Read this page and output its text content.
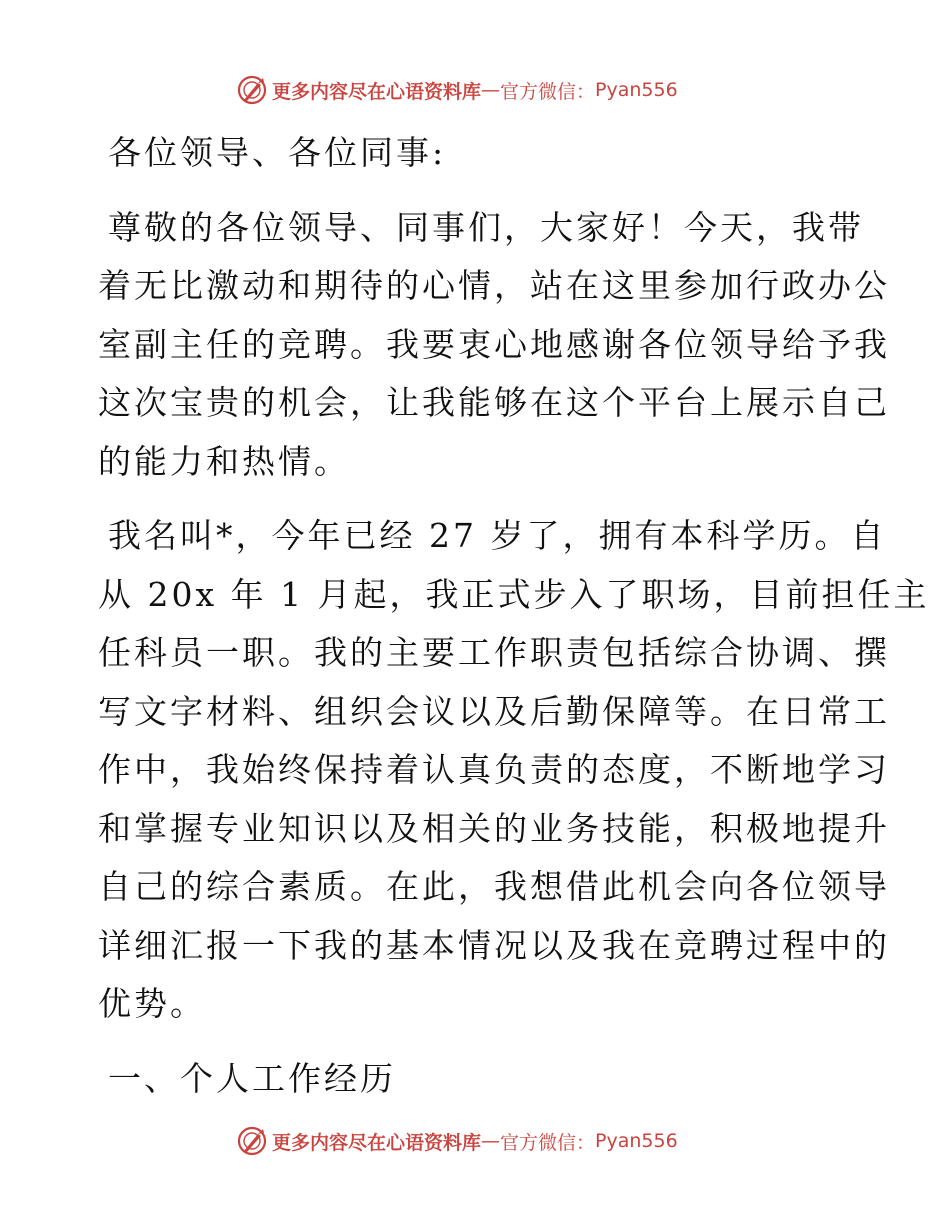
更多内容尽在心语资料库 — 官方微信： Pyan556
各位领导、各位同事:
尊敬的各位领导、同事们，大家好！今天，我带
着无比激动和期待的心情，站在这里参加行政办公
室副主任的竞聘。我要衷心地感谢各位领导给予我
这次宝贵的机会，让我能够在这个平台上展示自己
的能力和热情。
我名叫*，今年已经 27 岁了，拥有本科学历。自
从 20x 年 1 月起，我正式步入了职场，目前担任主
任科员一职。我的主要工作职责包括综合协调、撰
写文字材料、组织会议以及后勤保障等。在日常工
作中，我始终保持着认真负责的态度，不断地学习
和掌握专业知识以及相关的业务技能，积极地提升
自己的综合素质。在此，我想借此机会向各位领导
详细汇报一下我的基本情况以及我在竞聘过程中的
优势。
一、个人工作经历
更多内容尽在心语资料库 — 官方微信： Pyan556
